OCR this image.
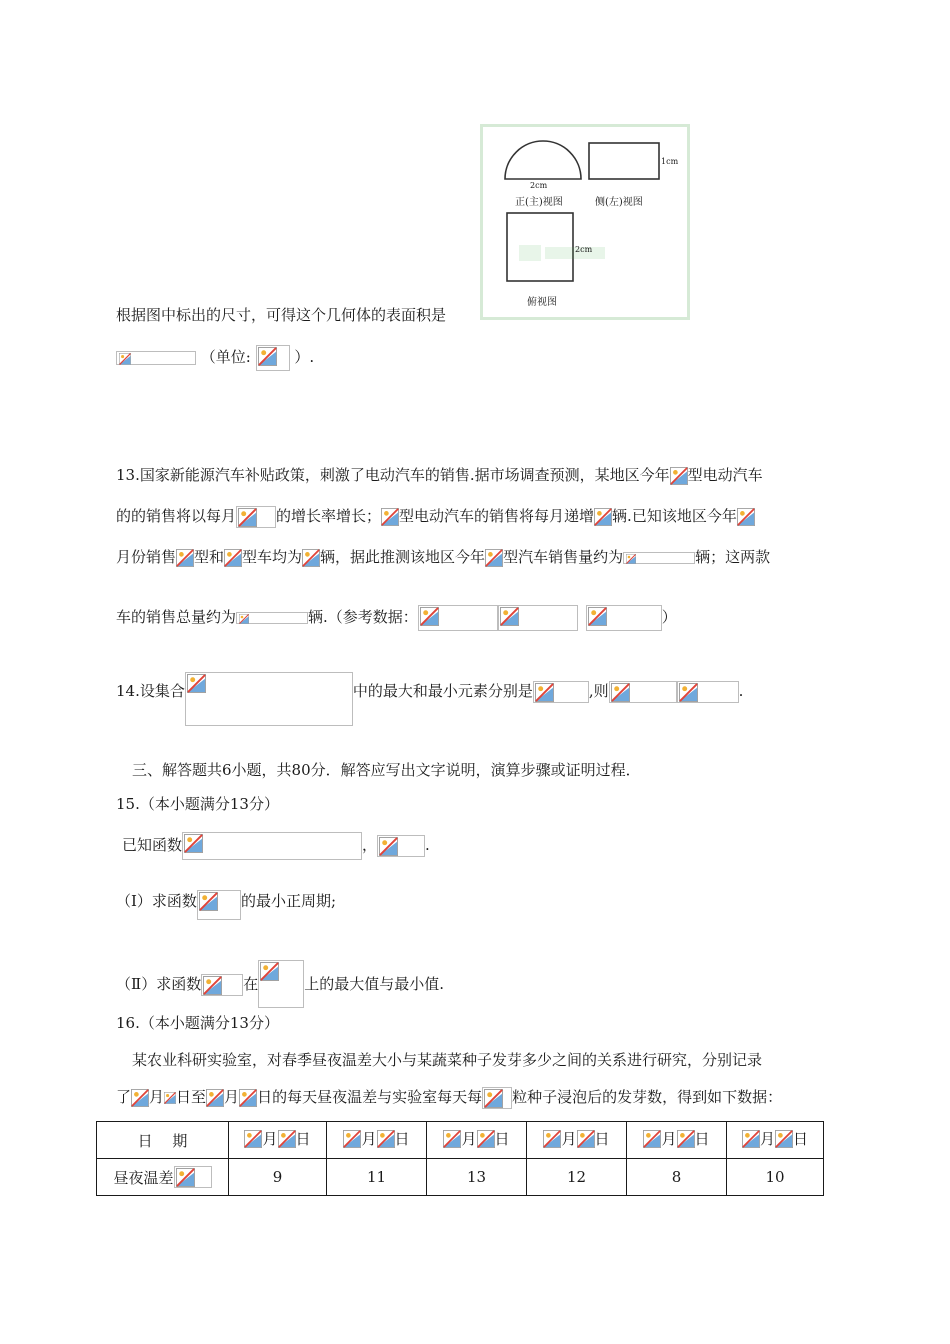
2cm
正(主)视图
1cm
侧(左)视图
2cm
俯视图
根据图中标出的尺寸，可得这个几何体的表面积是
（单位:	）.
13.国家新能源汽车补贴政策，刺激了电动汽车的销售.据市场调查预测，某地区今年 型电动汽车
的的销售将以每月	的增长率增长； 型电动汽车的销售将每月递增 辆.已知该地区今年
月份销售 型和 型车均为 辆，据此推测该地区今年 型汽车销售量约为	辆；这两款
车的销售总量约为	辆.（参考数据：	）
14.设集合	中的最大和最小元素分别是	,则	.
三、解答题共6小题，共80分．解答应写出文字说明，演算步骤或证明过程．
15.（本小题满分13分）
已知函数	，	.
（Ⅰ）求函数	的最小正周期;
（Ⅱ）求函数	在	上的最大值与最小值.
16.（本小题满分13分）
某农业科研实验室，对春季昼夜温差大小与某蔬菜种子发芽多少之间的关系进行研究，分别记录
了 月 日至 月 日的每天昼夜温差与实验室每天每 粒种子浸泡后的发芽数，得到如下数据：
日　 期	月 日	月 日	月 日	月 日	月 日	月 日

昼夜温差	9	11	13	12	8	10
